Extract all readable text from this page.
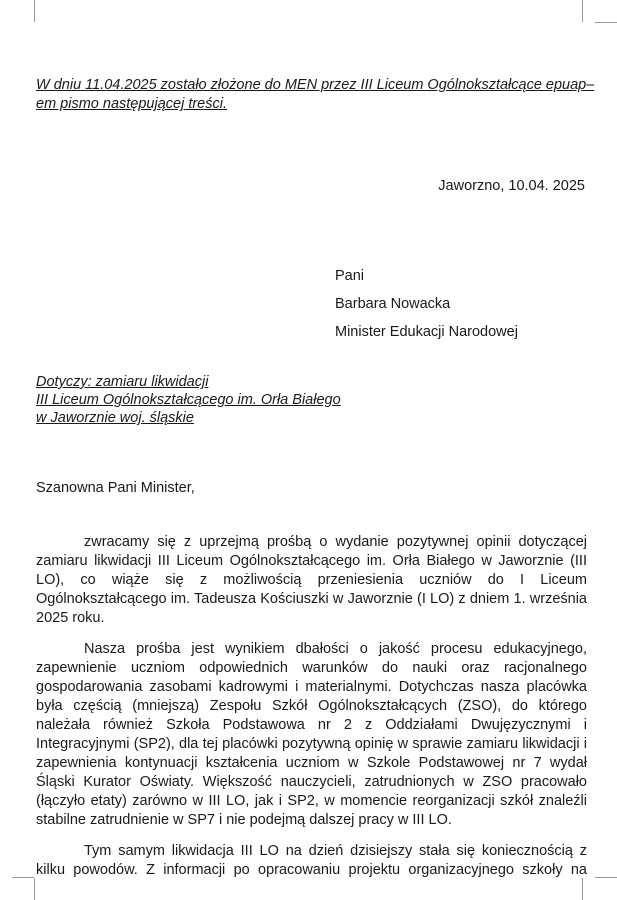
W dniu 11.04.2025 zostało złożone do MEN przez III Liceum Ogólnokształcące epuap– em pismo następującej treści.

Jaworzno, 10.04. 2025

Pani
Barbara Nowacka
Minister Edukacji Narodowej
Dotyczy: zamiaru likwidacji
III Liceum Ogólnokształcącego im. Orła Białego
w Jaworznie woj. śląskie

Szanowna Pani Minister,

zwracamy się z uprzejmą prośbą o wydanie pozytywnej opinii dotyczącej zamiaru likwidacji III Liceum Ogólnokształcącego im. Orła Białego w Jaworznie (III LO), co wiąże się z możliwością przeniesienia uczniów do I Liceum Ogólnokształcącego im. Tadeusza Kościuszki w Jaworznie (I LO) z dniem 1. września 2025 roku.

Nasza prośba jest wynikiem dbałości o jakość procesu edukacyjnego, zapewnienie uczniom odpowiednich warunków do nauki oraz racjonalnego gospodarowania zasobami kadrowymi i materialnymi. Dotychczas nasza placówka była częścią (mniejszą) Zespołu Szkół Ogólnokształcących (ZSO), do którego należała również Szkoła Podstawowa nr 2 z Oddziałami Dwujęzycznymi i Integracyjnymi (SP2), dla tej placówki pozytywną opinię w sprawie zamiaru likwidacji i zapewnienia kontynuacji kształcenia uczniom w Szkole Podstawowej nr 7 wydał Śląski Kurator Oświaty. Większość nauczycieli, zatrudnionych w ZSO pracowało (łączyło etaty) zarówno w III LO, jak i SP2, w momencie reorganizacji szkół znaleźli stabilne zatrudnienie w SP7 i nie podejmą dalszej pracy w III LO.

Tym samym likwidacja III LO na dzień dzisiejszy stała się koniecznością z kilku powodów. Z informacji po opracowaniu projektu organizacyjnego szkoły na
